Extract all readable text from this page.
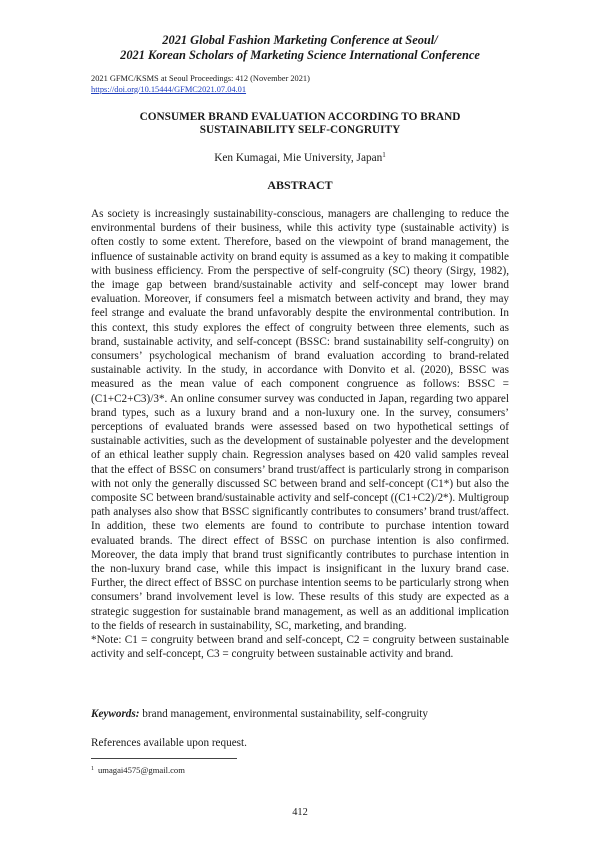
2021 Global Fashion Marketing Conference at Seoul/
2021 Korean Scholars of Marketing Science International Conference
2021 GFMC/KSMS at Seoul Proceedings: 412 (November 2021)
https://doi.org/10.15444/GFMC2021.07.04.01
CONSUMER BRAND EVALUATION ACCORDING TO BRAND
SUSTAINABILITY SELF-CONGRUITY
Ken Kumagai, Mie University, Japan$^1$
ABSTRACT
As society is increasingly sustainability-conscious, managers are challenging to reduce the environmental burdens of their business, while this activity type (sustainable activity) is often costly to some extent. Therefore, based on the viewpoint of brand management, the influence of sustainable activity on brand equity is assumed as a key to making it compatible with business efficiency. From the perspective of self-congruity (SC) theory (Sirgy, 1982), the image gap between brand/sustainable activity and self-concept may lower brand evaluation. Moreover, if consumers feel a mismatch between activity and brand, they may feel strange and evaluate the brand unfavorably despite the environmental contribution. In this context, this study explores the effect of congruity between three elements, such as brand, sustainable activity, and self-concept (BSSC: brand sustainability self-congruity) on consumers’ psychological mechanism of brand evaluation according to brand-related sustainable activity. In the study, in accordance with Donvito et al. (2020), BSSC was measured as the mean value of each component congruence as follows: BSSC = (C1+C2+C3)/3*. An online consumer survey was conducted in Japan, regarding two apparel brand types, such as a luxury brand and a non-luxury one. In the survey, consumers’ perceptions of evaluated brands were assessed based on two hypothetical settings of sustainable activities, such as the development of sustainable polyester and the development of an ethical leather supply chain. Regression analyses based on 420 valid samples reveal that the effect of BSSC on consumers’ brand trust/affect is particularly strong in comparison with not only the generally discussed SC between brand and self-concept (C1*) but also the composite SC between brand/sustainable activity and self-concept ((C1+C2)/2*). Multigroup path analyses also show that BSSC significantly contributes to consumers’ brand trust/affect. In addition, these two elements are found to contribute to purchase intention toward evaluated brands. The direct effect of BSSC on purchase intention is also confirmed. Moreover, the data imply that brand trust significantly contributes to purchase intention in the non-luxury brand case, while this impact is insignificant in the luxury brand case. Further, the direct effect of BSSC on purchase intention seems to be particularly strong when consumers’ brand involvement level is low. These results of this study are expected as a strategic suggestion for sustainable brand management, as well as an additional implication to the fields of research in sustainability, SC, marketing, and branding.
*Note: C1 = congruity between brand and self-concept, C2 = congruity between sustainable activity and self-concept, C3 = congruity between sustainable activity and brand.
Keywords: brand management, environmental sustainability, self-congruity
References available upon request.
$^1$ umagai4575@gmail.com
412
